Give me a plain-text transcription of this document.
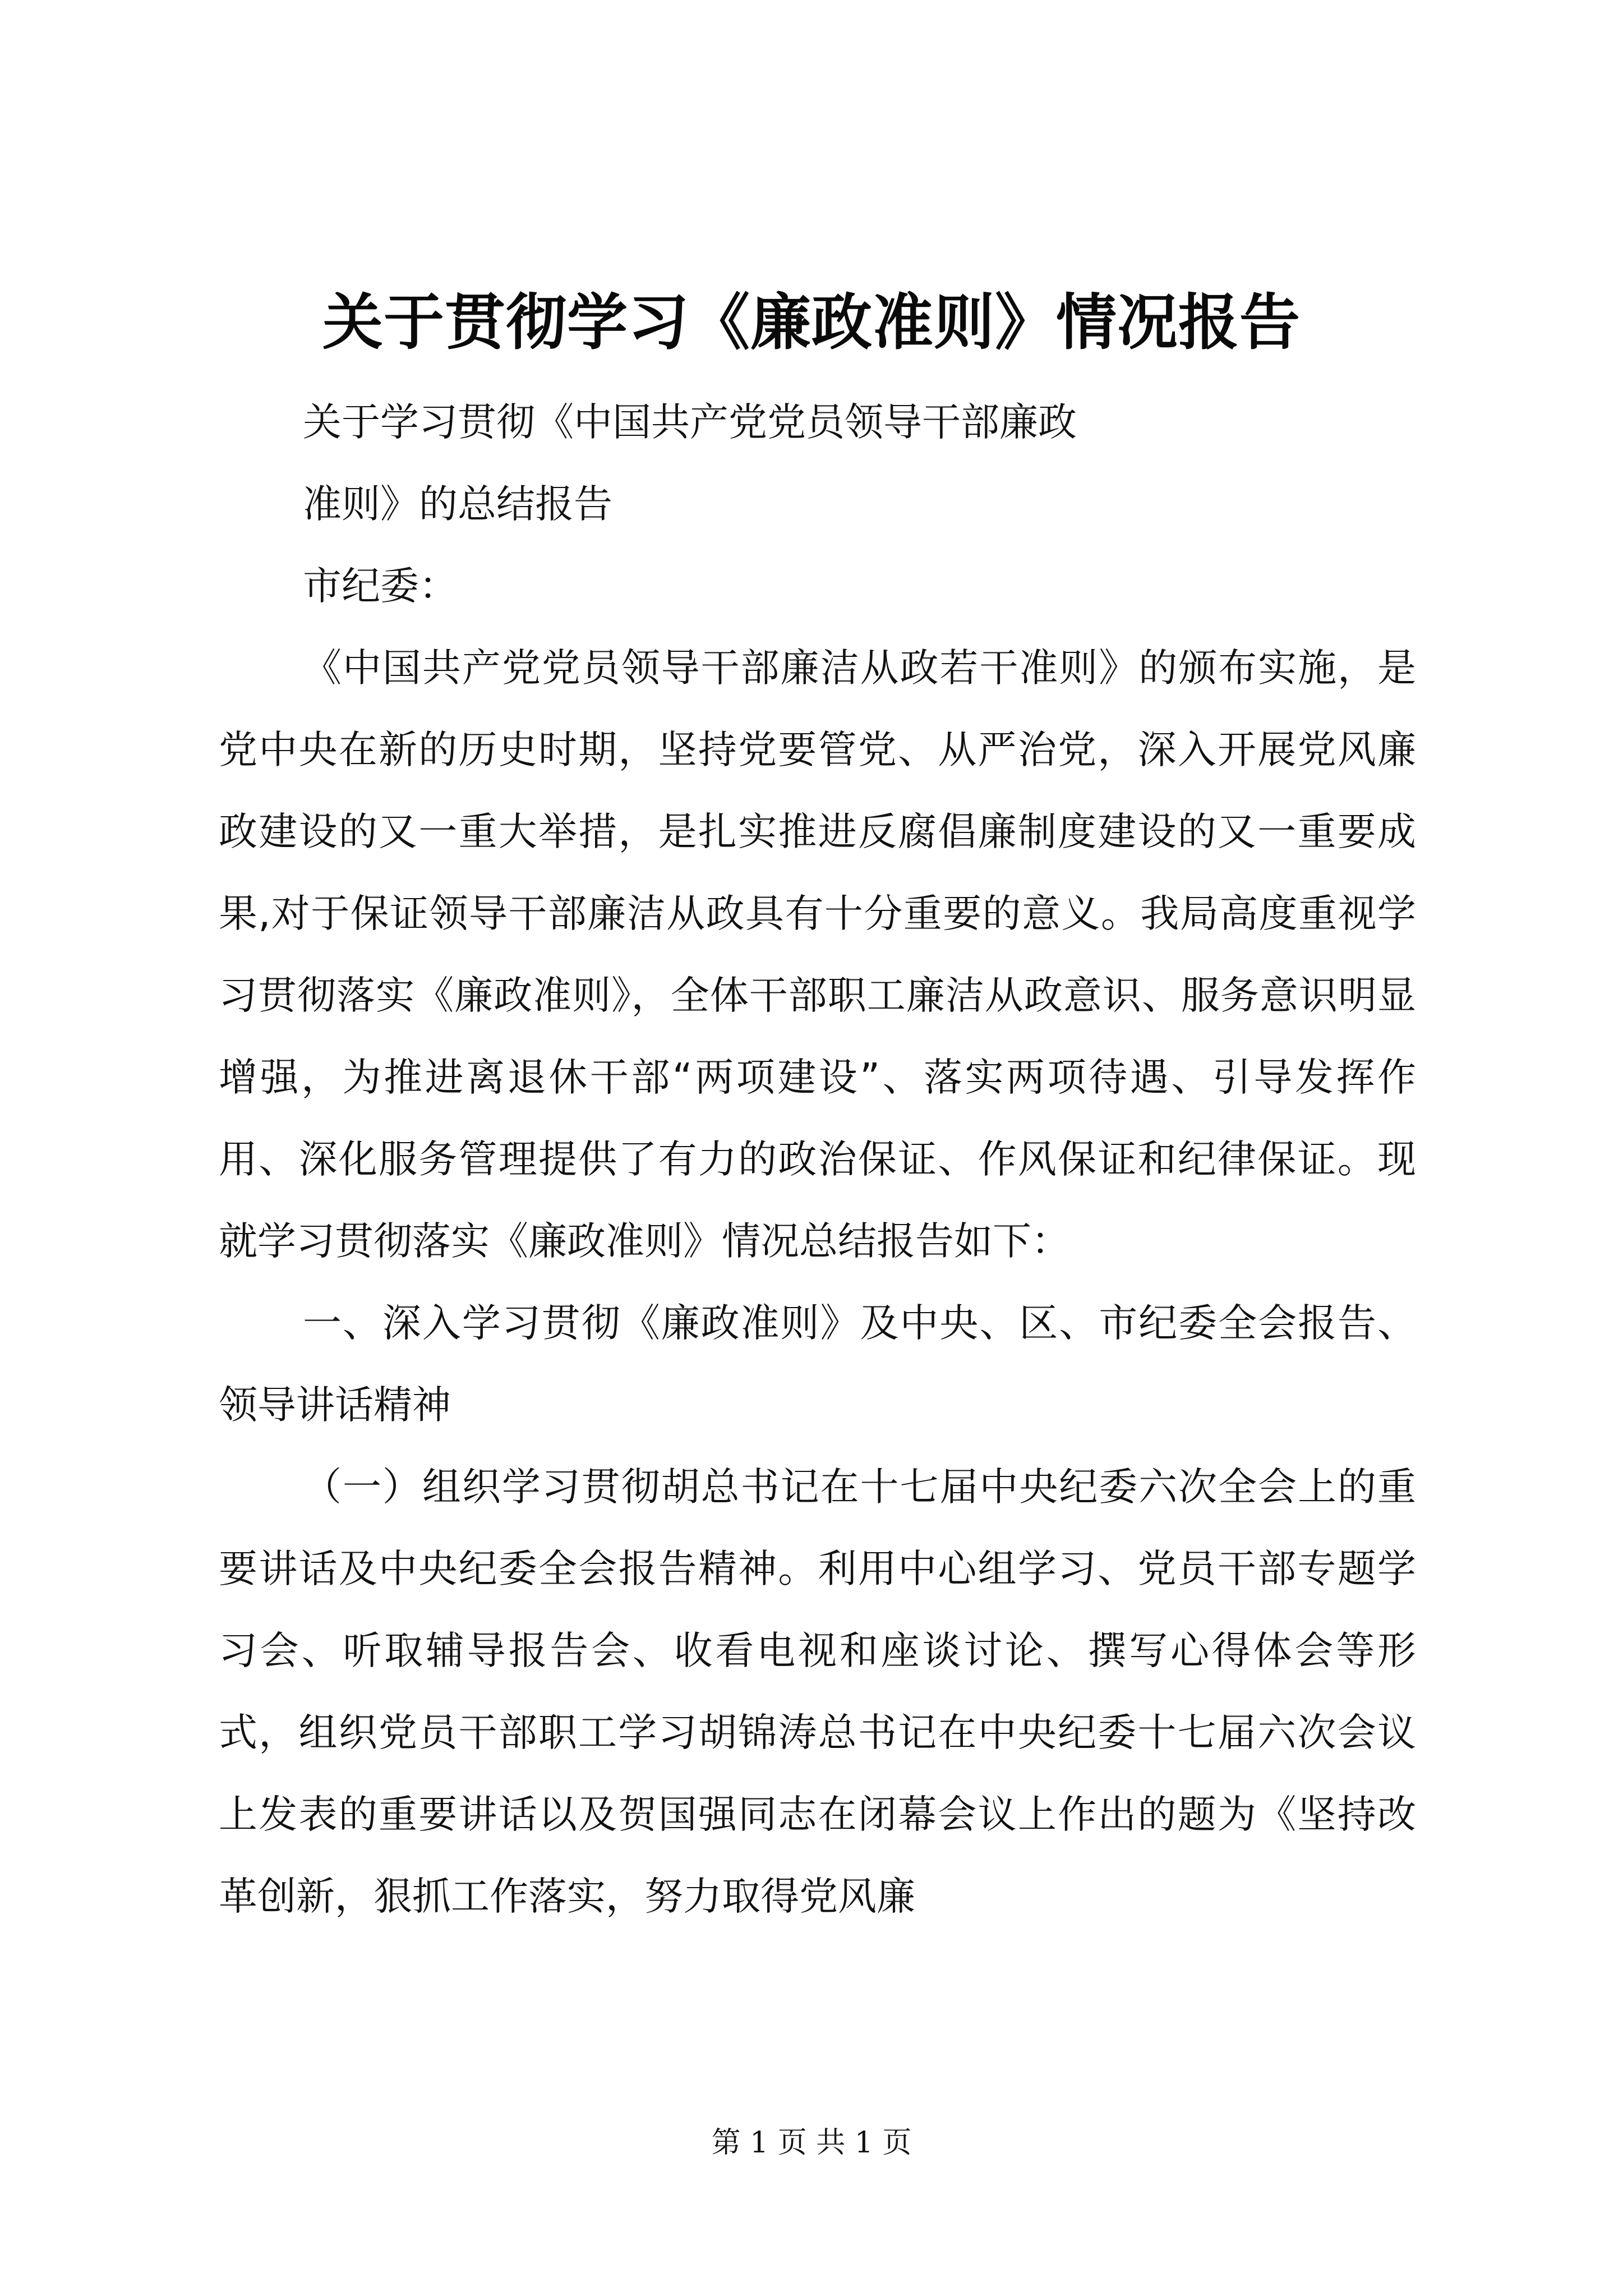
关于贯彻学习《廉政准则》情况报告
关于学习贯彻《中国共产党党员领导干部廉政
准则》的总结报告
市纪委：

《中国共产党党员领导干部廉洁从政若干准则》的颁布实施，是党中央在新的历史时期，坚持党要管党、从严治党，深入开展党风廉政建设的又一重大举措，是扎实推进反腐倡廉制度建设的又一重要成果,对于保证领导干部廉洁从政具有十分重要的意义。我局高度重视学习贯彻落实《廉政准则》，全体干部职工廉洁从政意识、服务意识明显增强，为推进离退休干部“两项建设”、落实两项待遇、引导发挥作用、深化服务管理提供了有力的政治保证、作风保证和纪律保证。现就学习贯彻落实《廉政准则》情况总结报告如下：

一、深入学习贯彻《廉政准则》及中央、区、市纪委全会报告、领导讲话精神

（一）组织学习贯彻胡总书记在十七届中央纪委六次全会上的重要讲话及中央纪委全会报告精神。利用中心组学习、党员干部专题学习会、听取辅导报告会、收看电视和座谈讨论、撰写心得体会等形式，组织党员干部职工学习胡锦涛总书记在中央纪委十七届六次会议上发表的重要讲话以及贺国强同志在闭幕会议上作出的题为《坚持改革创新，狠抓工作落实，努力取得党风廉

第 1 页 共 1 页
